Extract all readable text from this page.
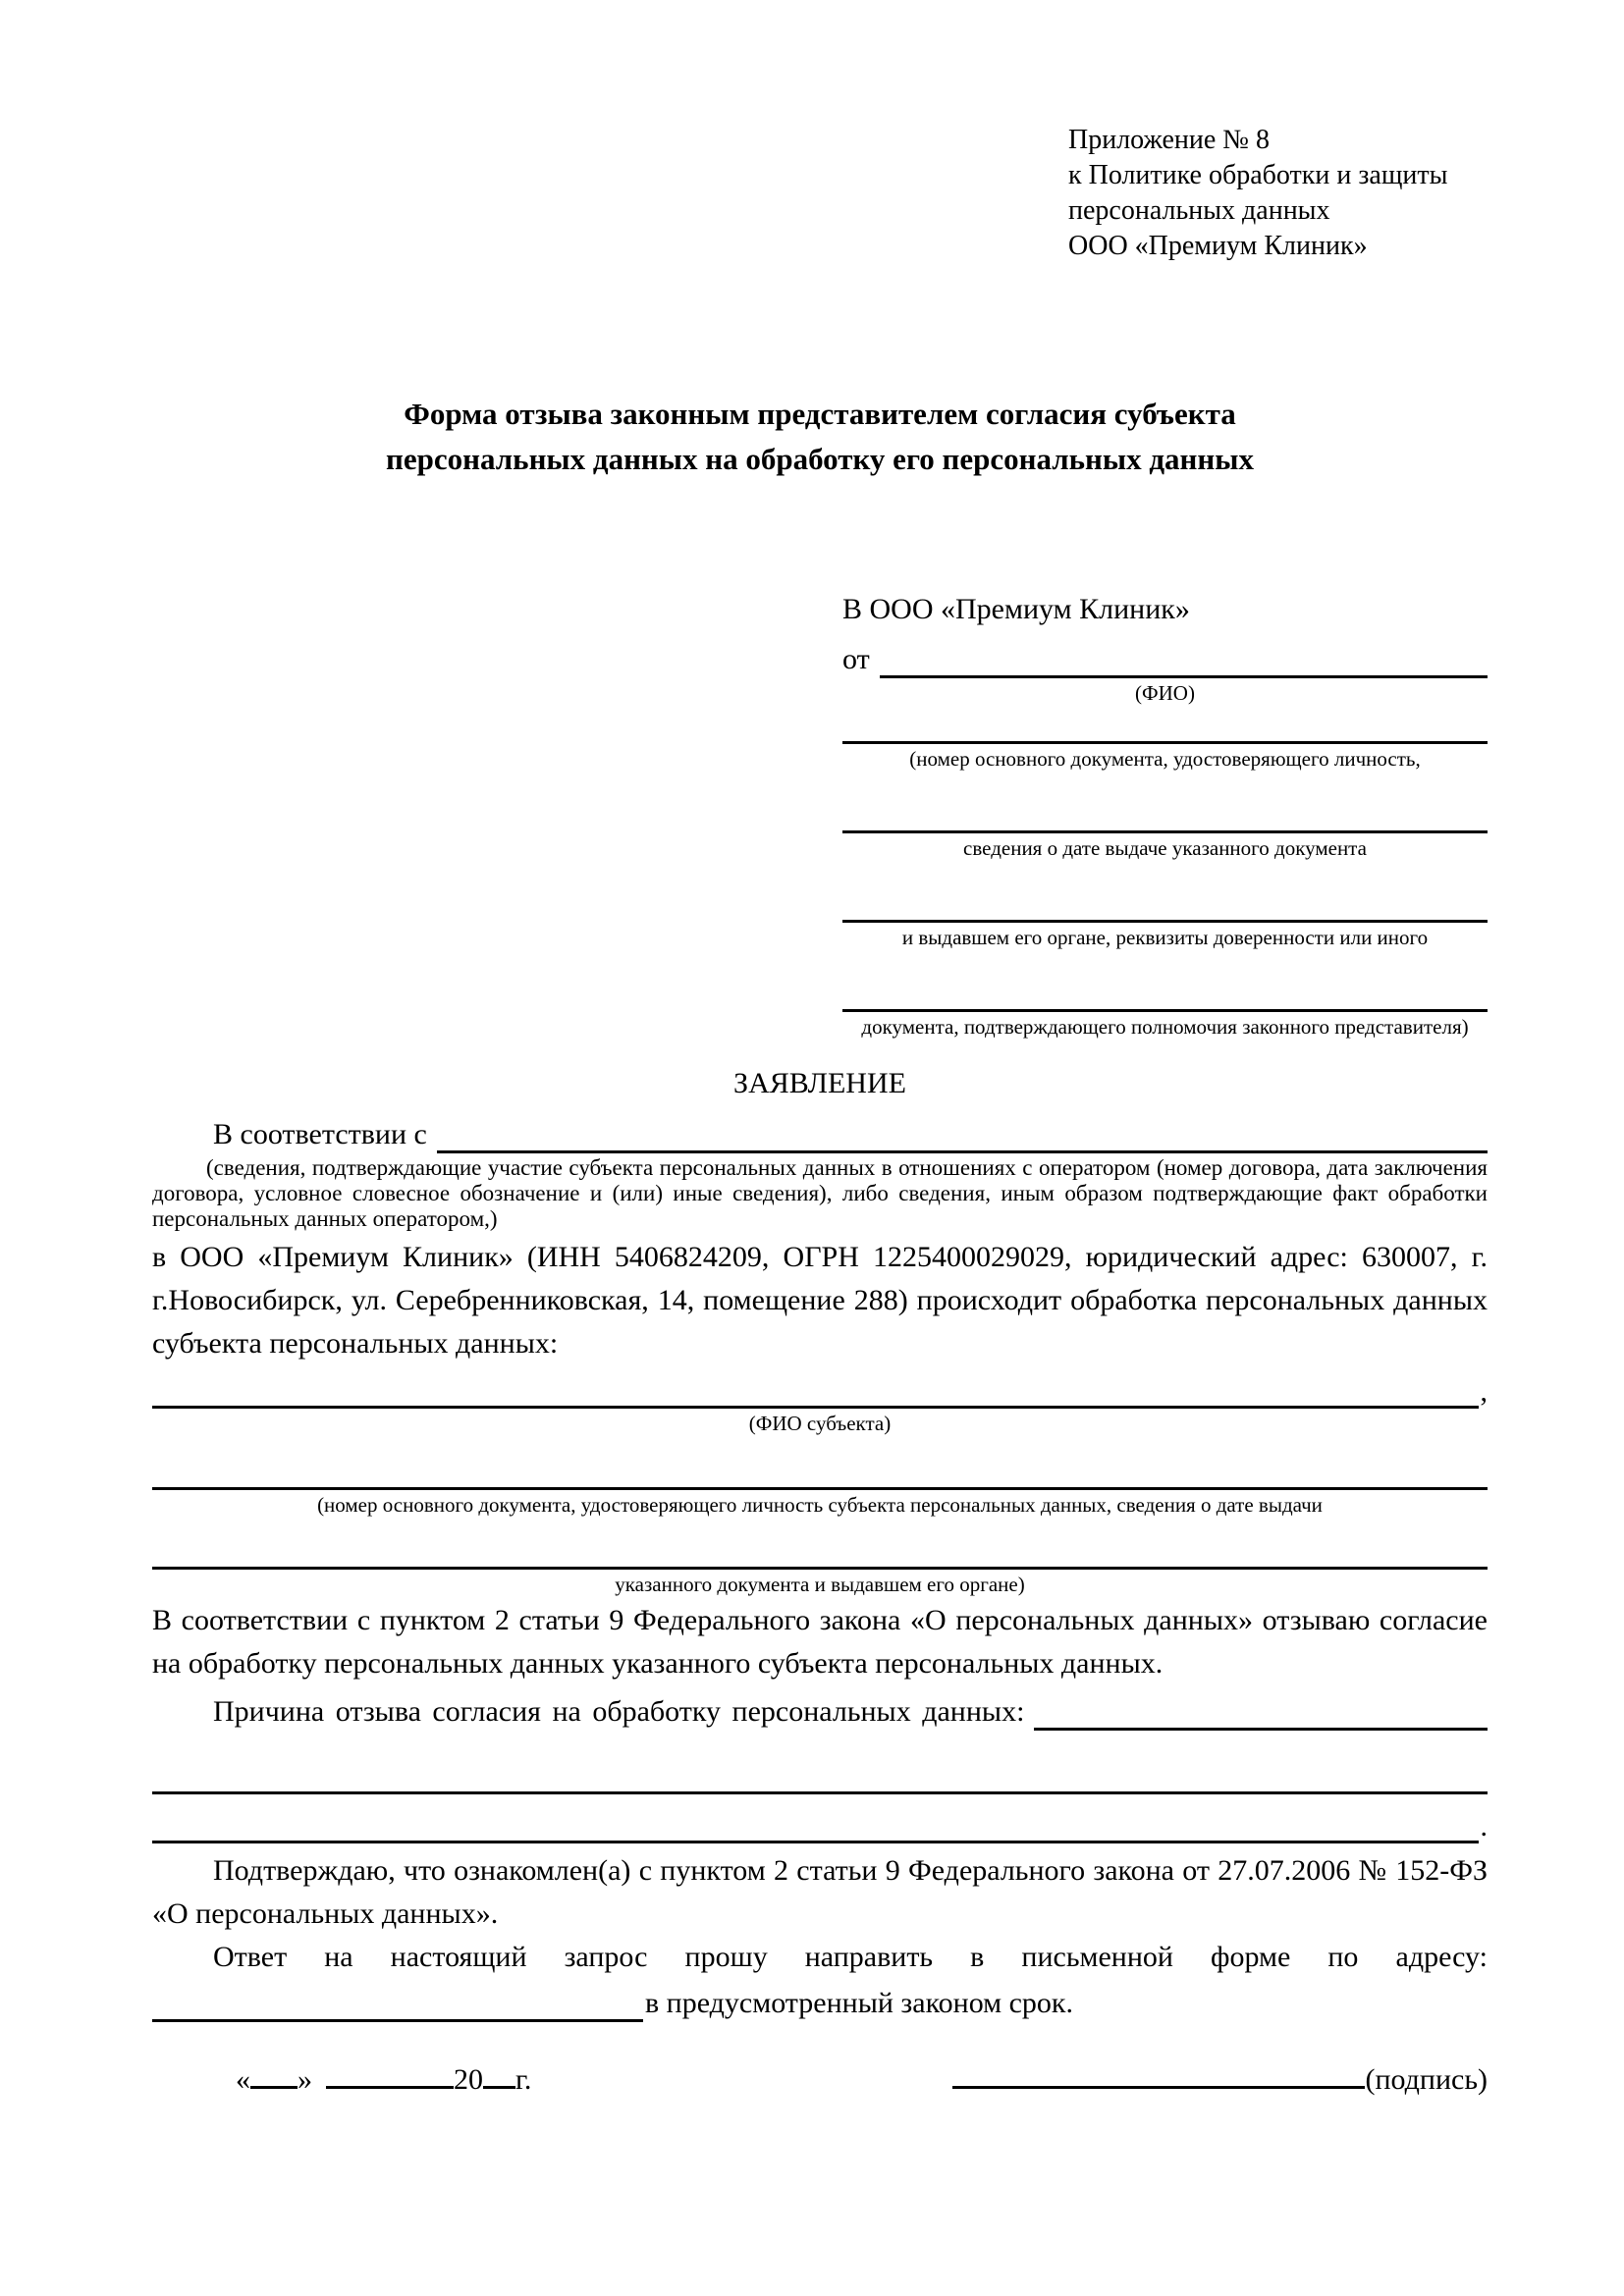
Приложение № 8
к Политике обработки и защиты
персональных данных
ООО «Премиум Клиник»
Форма отзыва законным представителем согласия субъекта
персональных данных на обработку его персональных данных
В ООО «Премиум Клиник»
от
(ФИО)
(номер основного документа, удостоверяющего личность,
сведения о дате выдаче указанного документа
и выдавшем его органе, реквизиты доверенности или иного
документа, подтверждающего полномочия законного представителя)
ЗАЯВЛЕНИЕ
В соответствии с
(сведения, подтверждающие участие субъекта персональных данных в отношениях с оператором (номер договора, дата заключения договора, условное словесное обозначение и (или) иные сведения), либо сведения, иным образом подтверждающие факт обработки персональных данных оператором,)
в ООО «Премиум Клиник» (ИНН 5406824209, ОГРН 1225400029029, юридический адрес: 630007, г. г.Новосибирск, ул. Серебренниковская, 14, помещение 288) происходит обработка персональных данных субъекта персональных данных:
,
(ФИО субъекта)
(номер основного документа, удостоверяющего личность субъекта персональных данных, сведения о дате выдачи
указанного документа и выдавшем его органе)
В соответствии с пунктом 2 статьи 9 Федерального закона «О персональных данных» отзываю согласие на обработку персональных данных указанного субъекта персональных данных.
Причина отзыва согласия на обработку персональных данных:
.
Подтверждаю, что ознакомлен(а) с пунктом 2 статьи 9 Федерального закона от 27.07.2006 № 152-ФЗ «О персональных данных».
Ответ на настоящий запрос прошу направить в письменной форме по адресу:
в предусмотренный законом срок.
« »	20 г.	(подпись)
